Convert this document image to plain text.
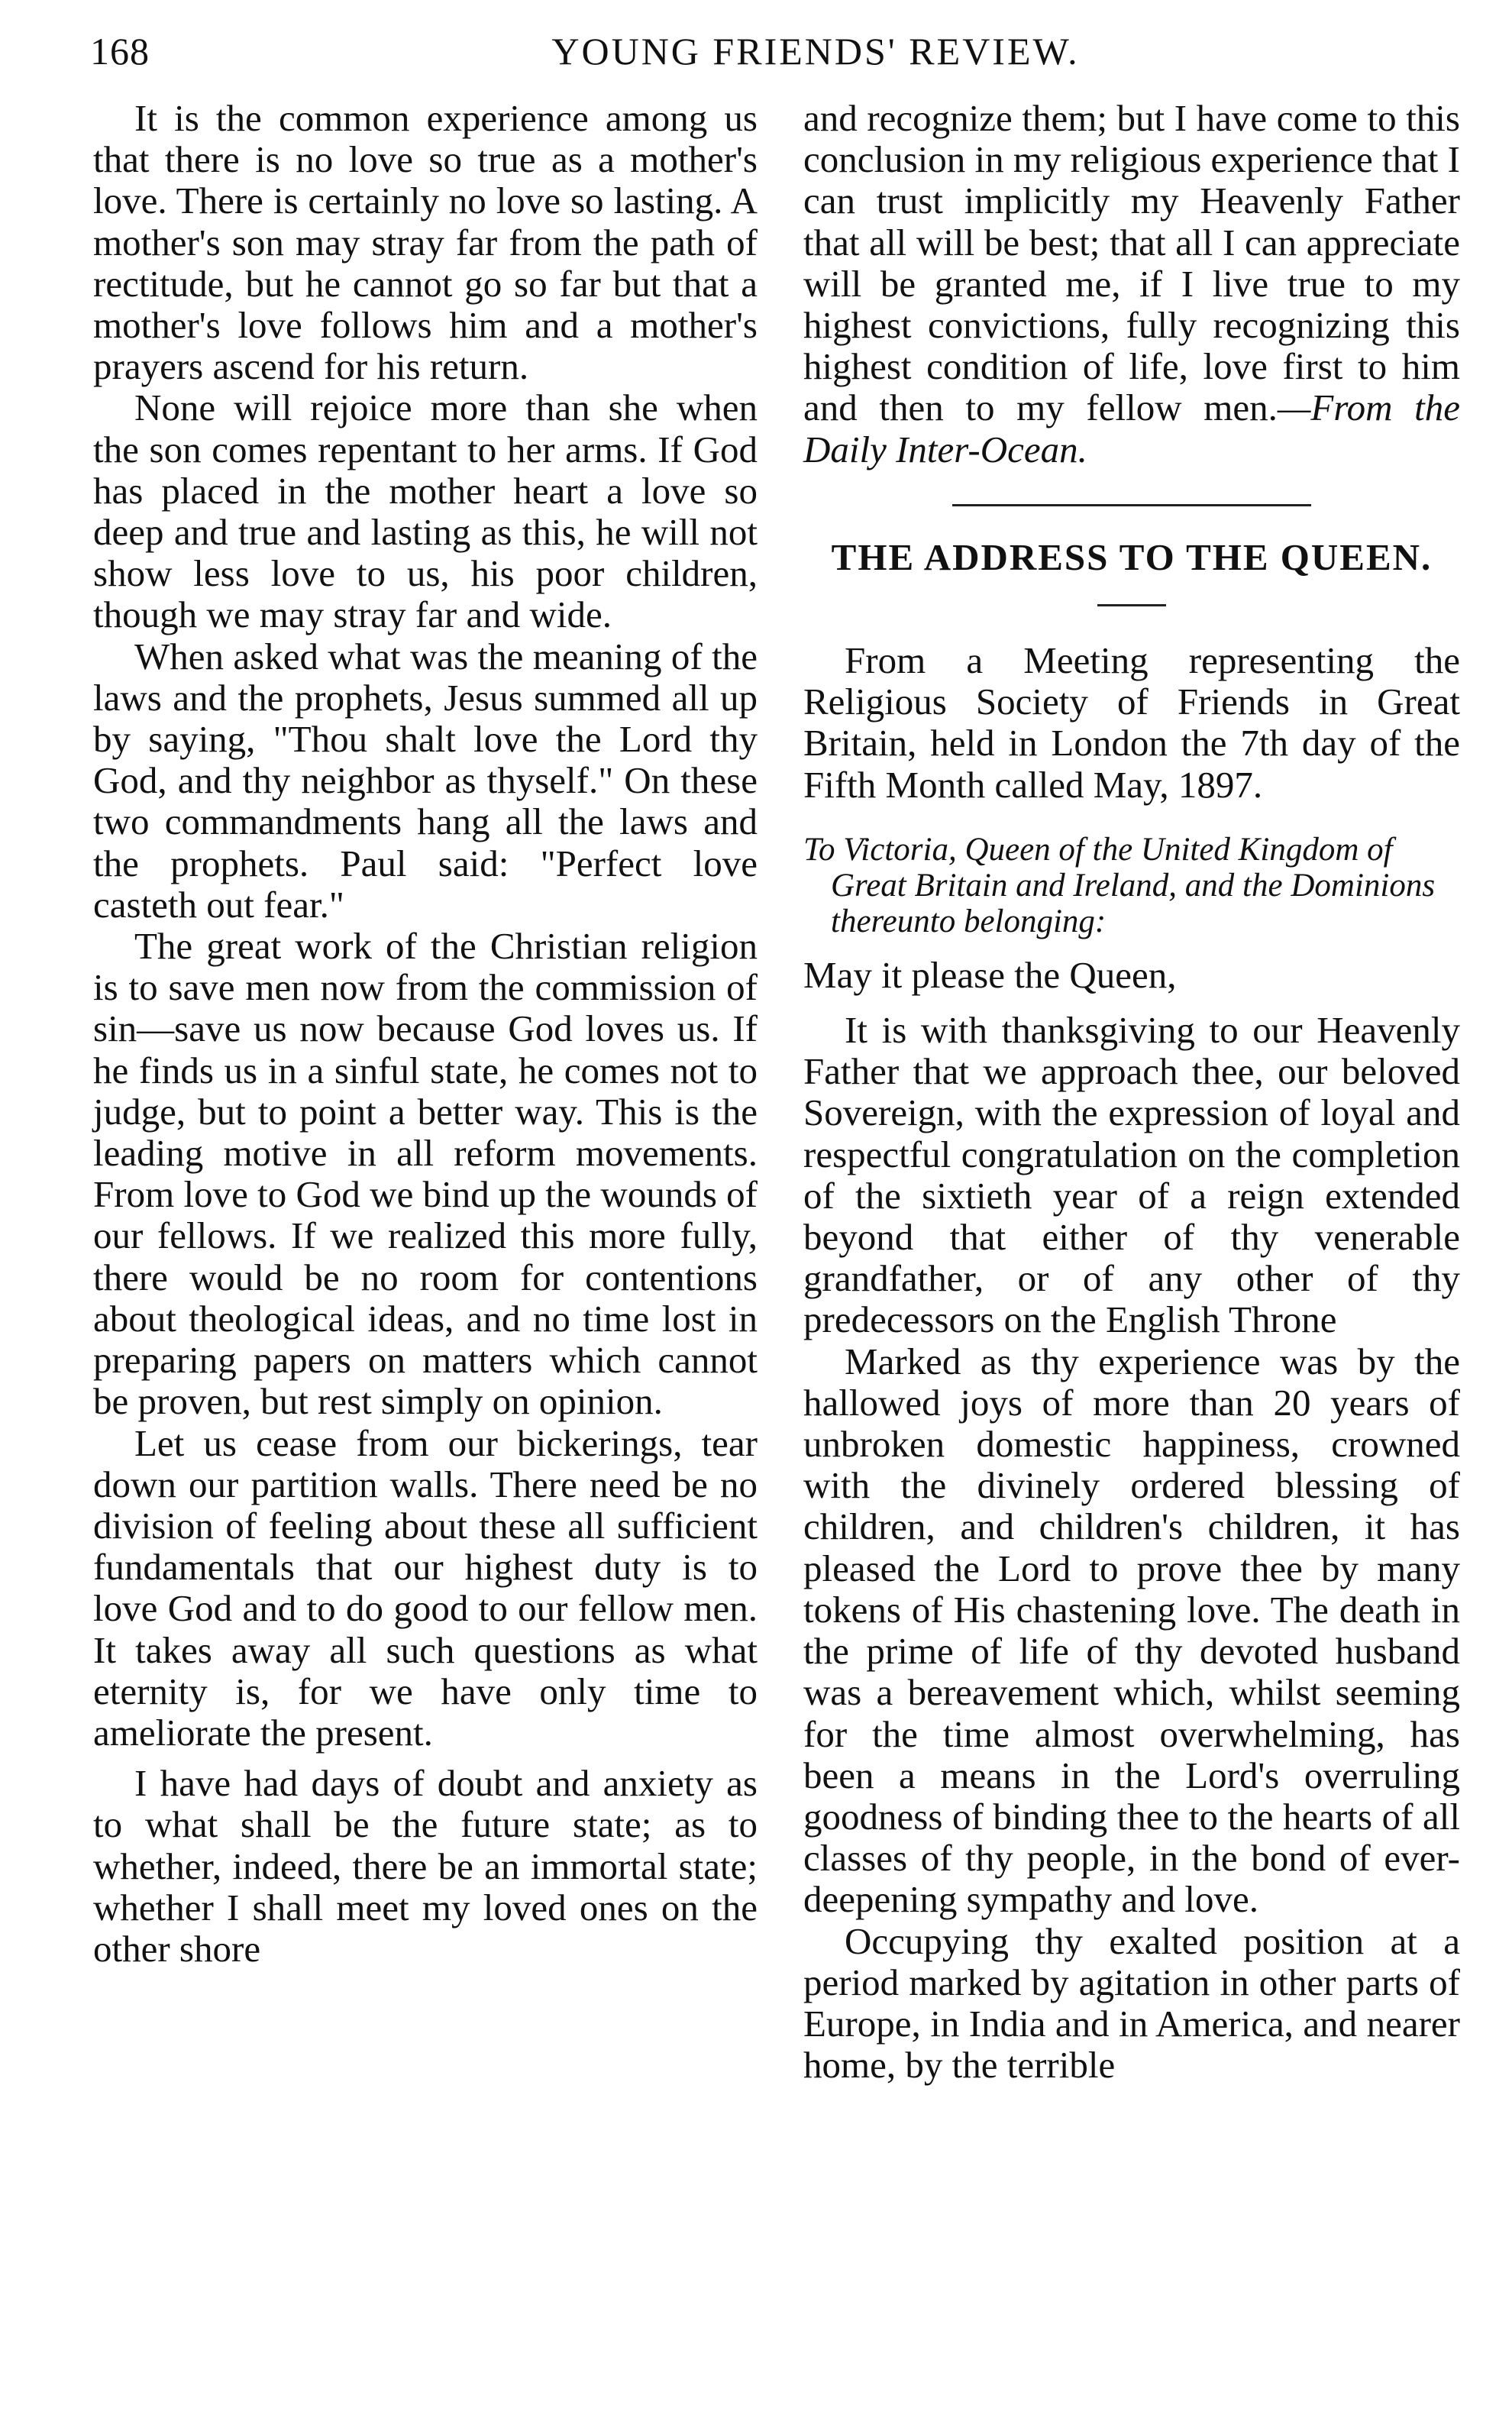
168	YOUNG FRIENDS' REVIEW.

It is the common experience among us that there is no love so true as a mother's love. There is certainly no love so lasting. A mother's son may stray far from the path of rectitude, but he cannot go so far but that a mother's love follows him and a mother's prayers ascend for his return.

None will rejoice more than she when the son comes repentant to her arms. If God has placed in the mother heart a love so deep and true and lasting as this, he will not show less love to us, his poor children, though we may stray far and wide.

When asked what was the meaning of the laws and the prophets, Jesus summed all up by saying, "Thou shalt love the Lord thy God, and thy neighbor as thyself." On these two commandments hang all the laws and the prophets. Paul said: "Perfect love casteth out fear."

The great work of the Christian religion is to save men now from the commission of sin—save us now because God loves us. If he finds us in a sinful state, he comes not to judge, but to point a better way. This is the leading motive in all reform movements. From love to God we bind up the wounds of our fellows. If we realized this more fully, there would be no room for contentions about theological ideas, and no time lost in preparing papers on matters which cannot be proven, but rest simply on opinion.

Let us cease from our bickerings, tear down our partition walls. There need be no division of feeling about these all sufficient fundamentals that our highest duty is to love God and to do good to our fellow men. It takes away all such questions as what eternity is, for we have only time to ameliorate the present.

I have had days of doubt and anxiety as to what shall be the future state; as to whether, indeed, there be an immortal state; whether I shall meet my loved ones on the other shore

and recognize them; but I have come to this conclusion in my religious experience that I can trust implicitly my Heavenly Father that all will be best; that all I can appreciate will be granted me, if I live true to my highest convictions, fully recognizing this highest condition of life, love first to him and then to my fellow men.—From the Daily Inter-Ocean.

THE ADDRESS TO THE QUEEN.

From a Meeting representing the Religious Society of Friends in Great Britain, held in London the 7th day of the Fifth Month called May, 1897.

To Victoria, Queen of the United Kingdom of Great Britain and Ireland, and the Dominions thereunto belonging:

May it please the Queen,

It is with thanksgiving to our Heavenly Father that we approach thee, our beloved Sovereign, with the expression of loyal and respectful congratulation on the completion of the sixtieth year of a reign extended beyond that either of thy venerable grandfather, or of any other of thy predecessors on the English Throne

Marked as thy experience was by the hallowed joys of more than 20 years of unbroken domestic happiness, crowned with the divinely ordered blessing of children, and children's children, it has pleased the Lord to prove thee by many tokens of His chastening love. The death in the prime of life of thy devoted husband was a bereavement which, whilst seeming for the time almost overwhelming, has been a means in the Lord's overruling goodness of binding thee to the hearts of all classes of thy people, in the bond of ever-deepening sympathy and love.

Occupying thy exalted position at a period marked by agitation in other parts of Europe, in India and in America, and nearer home, by the terrible
